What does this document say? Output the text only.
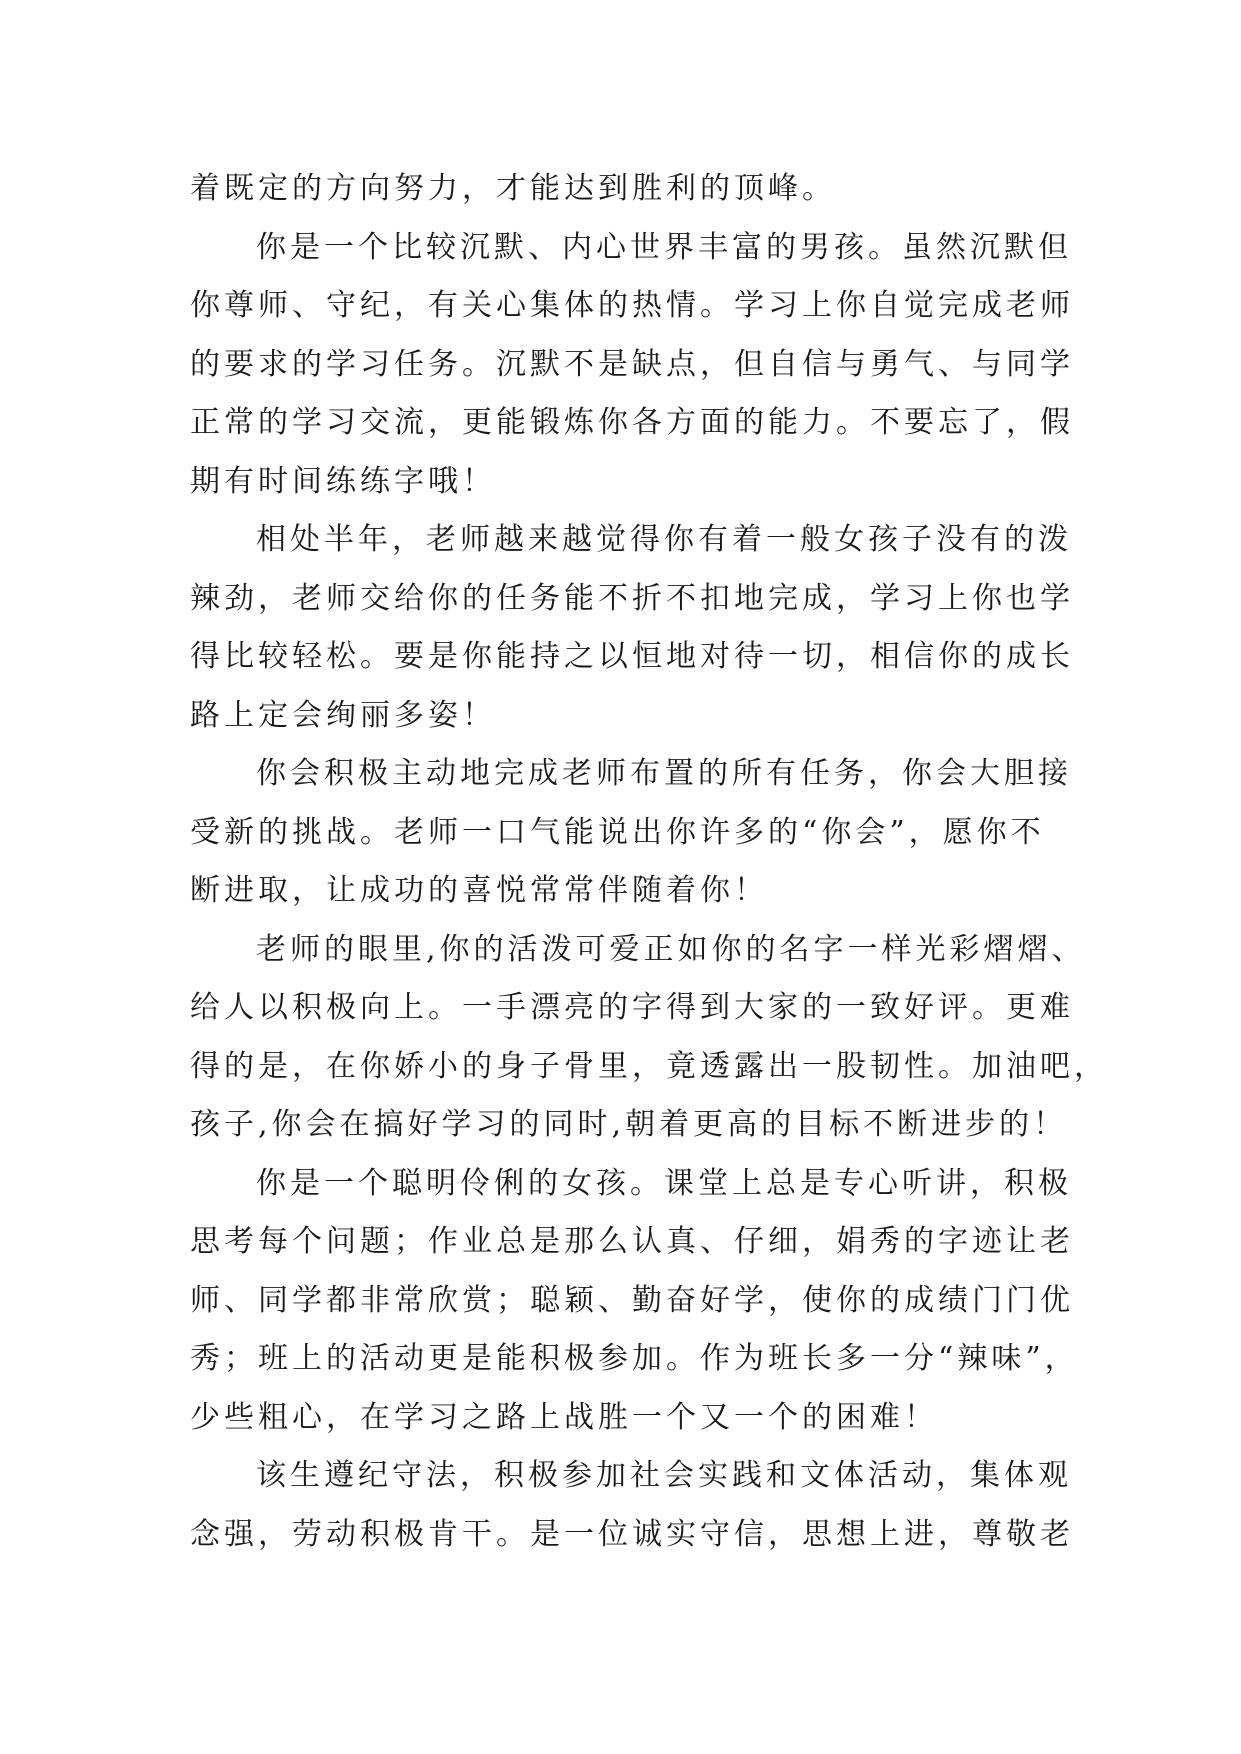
着既定的方向努力，才能达到胜利的顶峰。
你是一个比较沉默、内心世界丰富的男孩。虽然沉默但
你尊师、守纪，有关心集体的热情。学习上你自觉完成老师
的要求的学习任务。沉默不是缺点，但自信与勇气、与同学
正常的学习交流，更能锻炼你各方面的能力。不要忘了，假
期有时间练练字哦！
相处半年，老师越来越觉得你有着一般女孩子没有的泼
辣劲，老师交给你的任务能不折不扣地完成，学习上你也学
得比较轻松。要是你能持之以恒地对待一切，相信你的成长
路上定会绚丽多姿！
你会积极主动地完成老师布置的所有任务，你会大胆接
受新的挑战。老师一口气能说出你许多的“你会”，愿你不
断进取，让成功的喜悦常常伴随着你！
老师的眼里,你的活泼可爱正如你的名字一样光彩熠熠、
给人以积极向上。一手漂亮的字得到大家的一致好评。更难
得的是，在你娇小的身子骨里，竟透露出一股韧性。加油吧，
孩子,你会在搞好学习的同时,朝着更高的目标不断进步的！
你是一个聪明伶俐的女孩。课堂上总是专心听讲，积极
思考每个问题；作业总是那么认真、仔细，娟秀的字迹让老
师、同学都非常欣赏；聪颖、勤奋好学，使你的成绩门门优
秀；班上的活动更是能积极参加。作为班长多一分“辣味”，
少些粗心，在学习之路上战胜一个又一个的困难！
该生遵纪守法，积极参加社会实践和文体活动，集体观
念强，劳动积极肯干。是一位诚实守信，思想上进，尊敬老
